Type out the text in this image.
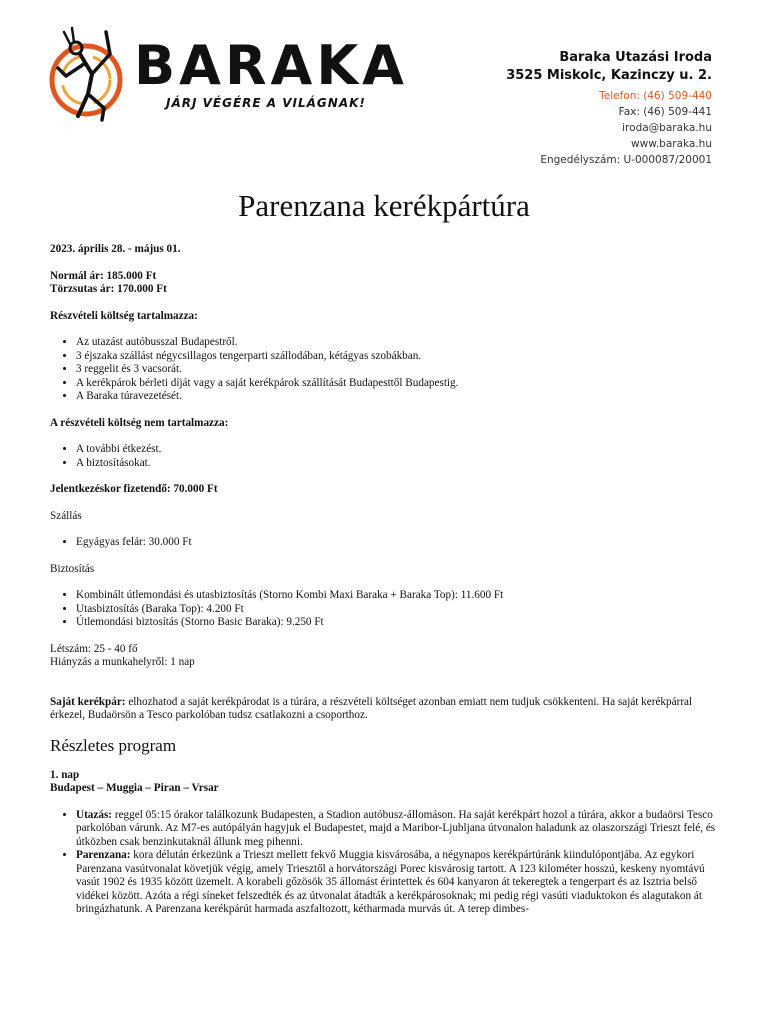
BARAKA
JÁRJ VÉGÉRE A VILÁGNAK!
Baraka Utazási Iroda
3525 Miskolc, Kazinczy u. 2.
Telefon: (46) 509-440
Fax: (46) 509-441
iroda@baraka.hu
www.baraka.hu
Engedélyszám: U-000087/20001
Parenzana kerékpártúra

2023. április 28. - május 01.

Normál ár: 185.000 Ft

Törzsutas ár: 170.000 Ft

Részvételi költség tartalmazza:

• Az utazást autóbusszal Budapestről.
• 3 éjszaka szállást négycsillagos tengerparti szállodában, kétágyas szobákban.
• 3 reggelit és 3 vacsorát.
• A kerékpárok bérleti díját vagy a saját kerékpárok szállítását Budapesttől Budapestig.
• A Baraka túravezetését.

A részvételi költség nem tartalmazza:

• A további étkezést.
• A biztosításokat.

Jelentkezéskor fizetendő: 70.000 Ft

Szállás

• Egyágyas felár: 30.000 Ft

Biztosítás

• Kombinált útlemondási és utasbiztosítás (Storno Kombi Maxi Baraka + Baraka Top): 11.600 Ft
• Utasbiztosítás (Baraka Top): 4.200 Ft
• Útlemondási biztosítás (Storno Basic Baraka): 9.250 Ft

Létszám: 25 - 40 fő

Hiányzás a munkahelyről: 1 nap

Saját kerékpár: elhozhatod a saját kerékpárodat is a túrára, a részvételi költséget azonban emiatt nem tudjuk csökkenteni. Ha saját kerékpárral érkezel, Budaörsön a Tesco parkolóban tudsz csatlakozni a csoporthoz.

Részletes program

1. nap

Budapest – Muggia – Piran – Vrsar

• Utazás: reggel 05:15 órakor találkozunk Budapesten, a Stadion autóbusz-állomáson. Ha saját kerékpárt hozol a túrára, akkor a budaörsi Tesco parkolóban várunk. Az M7-es autópályán hagyjuk el Budapestet, majd a Maribor-Ljubljana útvonalon haladunk az olaszországi Trieszt felé, és útközben csak benzinkutaknál állunk meg pihenni.
• Parenzana: kora délután érkezünk a Trieszt mellett fekvő Muggia kisvárosába, a négynapos kerékpártúránk kiindulópontjába. Az egykori Parenzana vasútvonalat követjük végig, amely Triesztől a horvátországi Porec kisvárosig tartott. A 123 kilométer hosszú, keskeny nyomtávú vasút 1902 és 1935 között üzemelt. A korabeli gőzösök 35 állomást érintettek és 604 kanyaron át tekeregtek a tengerpart és az Isztria belső vidékei között. Azóta a régi síneket felszedték és az útvonalat átadták a kerékpárosoknak; mi pedig régi vasúti viaduktokon és alagutakon át bringázhatunk. A Parenzana kerékpárút harmada aszfaltozott, kétharmada murvás út. A terep dimbes-
